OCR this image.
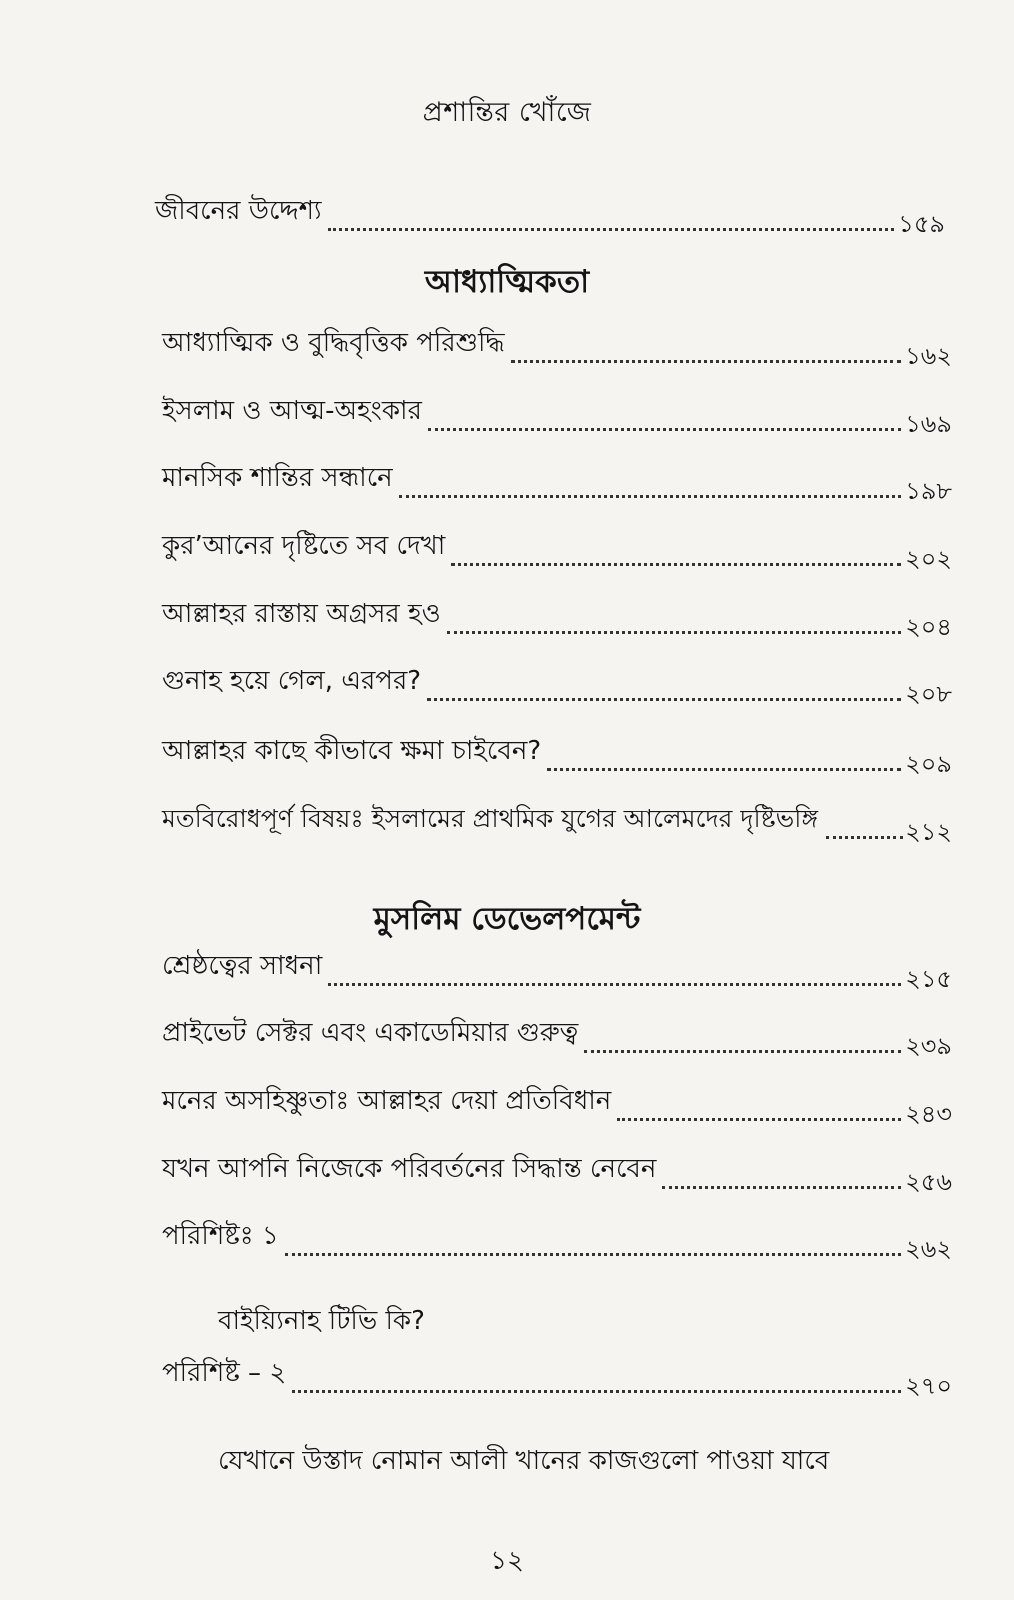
প্রশান্তির খোঁজে
জীবনের উদ্দেশ্য	১৫৯
আধ্যাত্মিকতা
আধ্যাত্মিক ও বুদ্ধিবৃত্তিক পরিশুদ্ধি	১৬২
ইসলাম ও আত্ম-অহংকার	১৬৯
মানসিক শান্তির সন্ধানে	১৯৮
কুর’আনের দৃষ্টিতে সব দেখা	২০২
আল্লাহর রাস্তায় অগ্রসর হও	২০৪
গুনাহ হয়ে গেল, এরপর?	২০৮
আল্লাহর কাছে কীভাবে ক্ষমা চাইবেন?	২০৯
মতবিরোধপূর্ণ বিষয়ঃ ইসলামের প্রাথমিক যুগের আলেমদের দৃষ্টিভঙ্গি	২১২
মুসলিম ডেভেলপমেন্ট
শ্রেষ্ঠত্বের সাধনা	২১৫
প্রাইভেট সেক্টর এবং একাডেমিয়ার গুরুত্ব	২৩৯
মনের অসহিষ্ণুতাঃ আল্লাহর দেয়া প্রতিবিধান	২৪৩
যখন আপনি নিজেকে পরিবর্তনের সিদ্ধান্ত নেবেন	২৫৬
পরিশিষ্টঃ ১	২৬২
বাইয়্যিনাহ টিভি কি?
পরিশিষ্ট – ২	২৭০
যেখানে উস্তাদ নোমান আলী খানের কাজগুলো পাওয়া যাবে
১২
